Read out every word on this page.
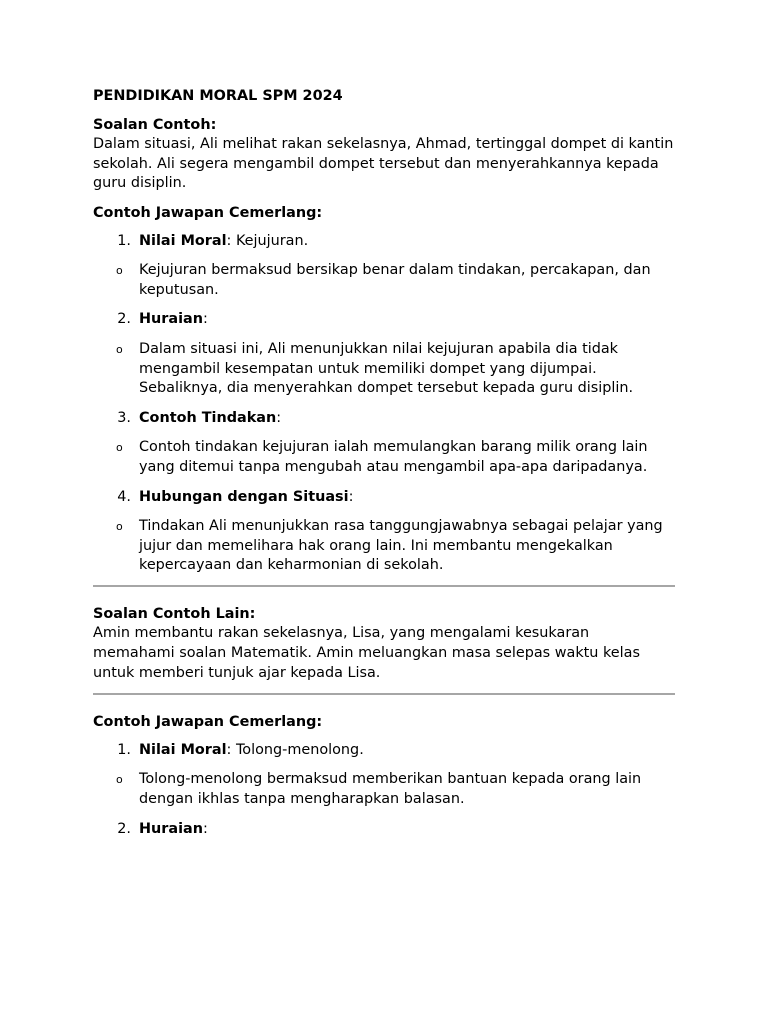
PENDIDIKAN MORAL SPM 2024
Soalan Contoh:
Dalam situasi, Ali melihat rakan sekelasnya, Ahmad, tertinggal dompet di kantin sekolah. Ali segera mengambil dompet tersebut dan menyerahkannya kepada guru disiplin.
Contoh Jawapan Cemerlang:
1. Nilai Moral: Kejujuran.
o Kejujuran bermaksud bersikap benar dalam tindakan, percakapan, dan keputusan.
2. Huraian:
o Dalam situasi ini, Ali menunjukkan nilai kejujuran apabila dia tidak mengambil kesempatan untuk memiliki dompet yang dijumpai. Sebaliknya, dia menyerahkan dompet tersebut kepada guru disiplin.
3. Contoh Tindakan:
o Contoh tindakan kejujuran ialah memulangkan barang milik orang lain yang ditemui tanpa mengubah atau mengambil apa-apa daripadanya.
4. Hubungan dengan Situasi:
o Tindakan Ali menunjukkan rasa tanggungjawabnya sebagai pelajar yang jujur dan memelihara hak orang lain. Ini membantu mengekalkan kepercayaan dan keharmonian di sekolah.
Soalan Contoh Lain:
Amin membantu rakan sekelasnya, Lisa, yang mengalami kesukaran memahami soalan Matematik. Amin meluangkan masa selepas waktu kelas untuk memberi tunjuk ajar kepada Lisa.
Contoh Jawapan Cemerlang:
1. Nilai Moral: Tolong-menolong.
o Tolong-menolong bermaksud memberikan bantuan kepada orang lain dengan ikhlas tanpa mengharapkan balasan.
2. Huraian:
